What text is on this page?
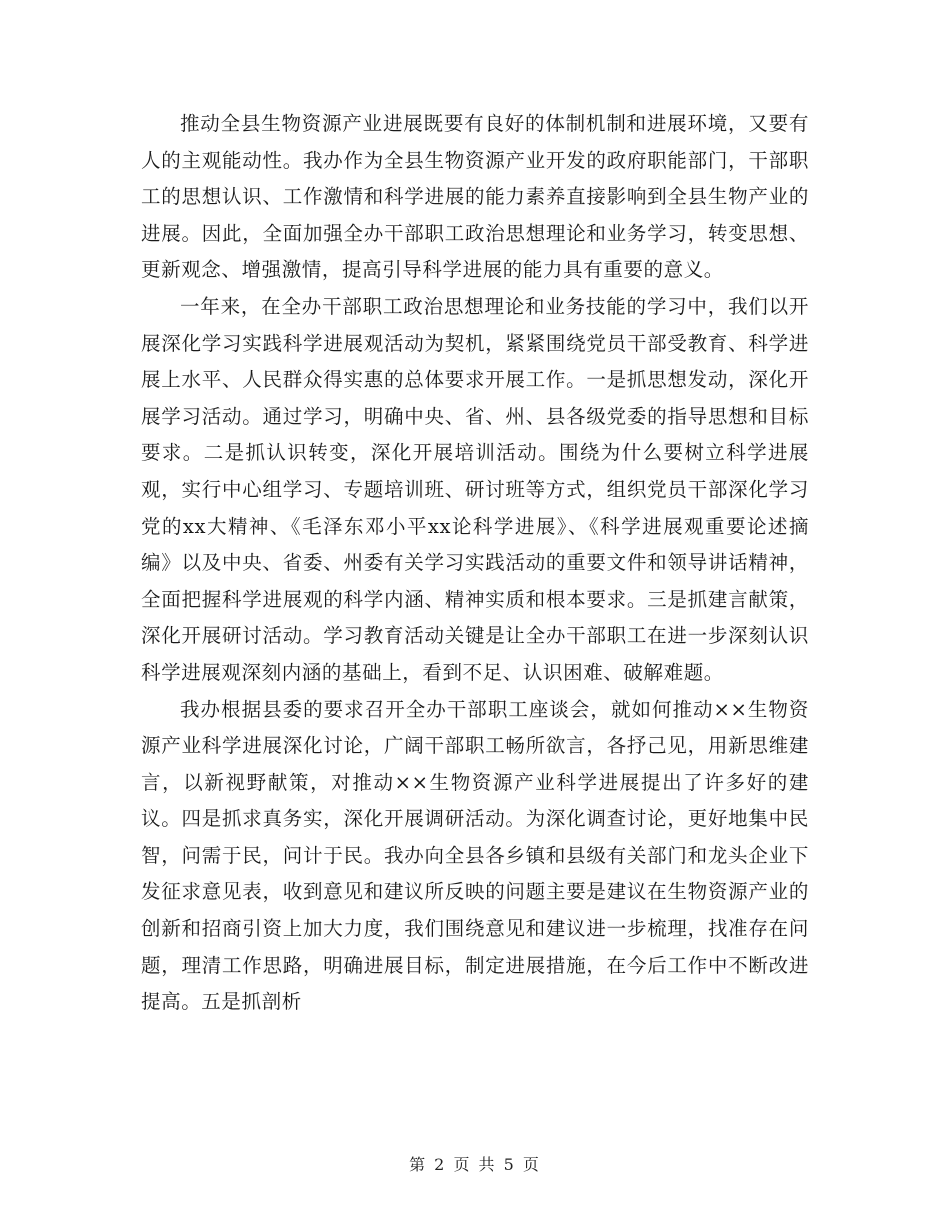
推动全县生物资源产业进展既要有良好的体制机制和进展环境，又要有人的主观能动性。我办作为全县生物资源产业开发的政府职能部门，干部职工的思想认识、工作激情和科学进展的能力素养直接影响到全县生物产业的进展。因此，全面加强全办干部职工政治思想理论和业务学习，转变思想、更新观念、增强激情，提高引导科学进展的能力具有重要的意义。

一年来，在全办干部职工政治思想理论和业务技能的学习中，我们以开展深化学习实践科学进展观活动为契机，紧紧围绕党员干部受教育、科学进展上水平、人民群众得实惠的总体要求开展工作。一是抓思想发动，深化开展学习活动。通过学习，明确中央、省、州、县各级党委的指导思想和目标要求。二是抓认识转变，深化开展培训活动。围绕为什么要树立科学进展观，实行中心组学习、专题培训班、研讨班等方式，组织党员干部深化学习党的xx大精神、《毛泽东邓小平xx论科学进展》、《科学进展观重要论述摘编》以及中央、省委、州委有关学习实践活动的重要文件和领导讲话精神，全面把握科学进展观的科学内涵、精神实质和根本要求。三是抓建言献策，深化开展研讨活动。学习教育活动关键是让全办干部职工在进一步深刻认识科学进展观深刻内涵的基础上，看到不足、认识困难、破解难题。

我办根据县委的要求召开全办干部职工座谈会，就如何推动××生物资源产业科学进展深化讨论，广阔干部职工畅所欲言，各抒己见，用新思维建言，以新视野献策，对推动××生物资源产业科学进展提出了许多好的建议。四是抓求真务实，深化开展调研活动。为深化调查讨论，更好地集中民智，问需于民，问计于民。我办向全县各乡镇和县级有关部门和龙头企业下发征求意见表，收到意见和建议所反映的问题主要是建议在生物资源产业的创新和招商引资上加大力度，我们围绕意见和建议进一步梳理，找准存在问题，理清工作思路，明确进展目标，制定进展措施，在今后工作中不断改进提高。五是抓剖析

第 2 页 共 5 页
